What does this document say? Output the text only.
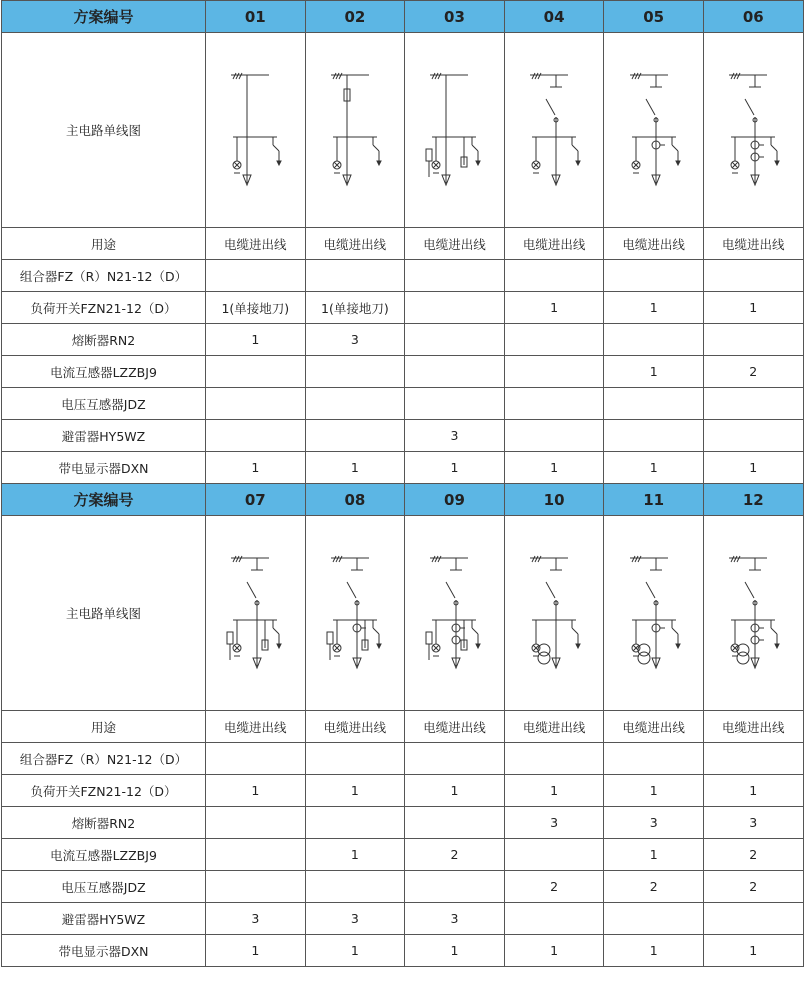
方案编号	01	02	03	04	05	06
主电路单线图	

用途	电缆进出线	电缆进出线	电缆进出线	电缆进出线	电缆进出线	电缆进出线
组合器FZ（R）N21-12（D）						
负荷开关FZN21-12（D）	1(单接地刀)	1(单接地刀)		1	1	1
熔断器RN2	1	3				
电流互感器LZZBJ9					1	2
电压互感器JDZ						
避雷器HY5WZ			3			
带电显示器DXN	1	1	1	1	1	1
方案编号	07	08	09	10	11	12
主电路单线图	

用途	电缆进出线	电缆进出线	电缆进出线	电缆进出线	电缆进出线	电缆进出线
组合器FZ（R）N21-12（D）						
负荷开关FZN21-12（D）	1	1	1	1	1	1
熔断器RN2				3	3	3
电流互感器LZZBJ9		1	2		1	2
电压互感器JDZ				2	2	2
避雷器HY5WZ	3	3	3			
带电显示器DXN	1	1	1	1	1	1
